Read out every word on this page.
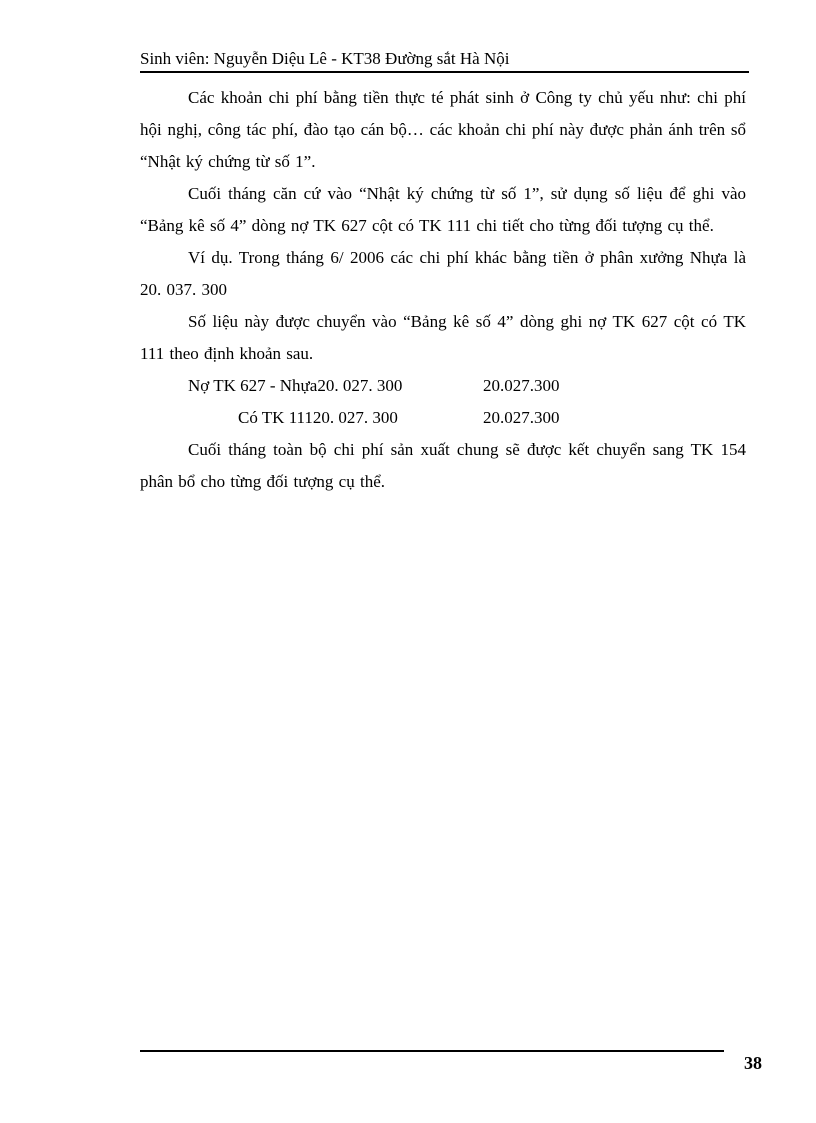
Sinh viên: Nguyễn Diệu Lê - KT38 Đường sắt Hà Nội

Các khoản chi phí bằng tiền thực té phát sinh ở Công ty chủ yếu như: chi phí hội nghị, công tác phí, đào tạo cán bộ… các khoản chi phí này được phản ánh trên sổ “Nhật ký chứng từ số 1”.

Cuối tháng căn cứ vào “Nhật ký chứng từ số 1”, sử dụng số liệu để ghi vào “Bảng kê số 4” dòng nợ TK 627 cột có TK 111 chi tiết cho từng đối tượng cụ thể.

Ví dụ. Trong tháng 6/ 2006 các chi phí khác bằng tiền ở phân xưởng Nhựa là 20. 037. 300

Số liệu này được chuyển vào “Bảng kê số 4” dòng ghi nợ TK 627 cột có TK 111 theo định khoản sau.

Nợ TK 627 - Nhựa20. 027. 300	20.027.300
Có TK 11120. 027. 300	20.027.300

Cuối tháng toàn bộ chi phí sản xuất chung sẽ được kết chuyển sang TK 154 phân bổ cho từng đối tượng cụ thể.

38
